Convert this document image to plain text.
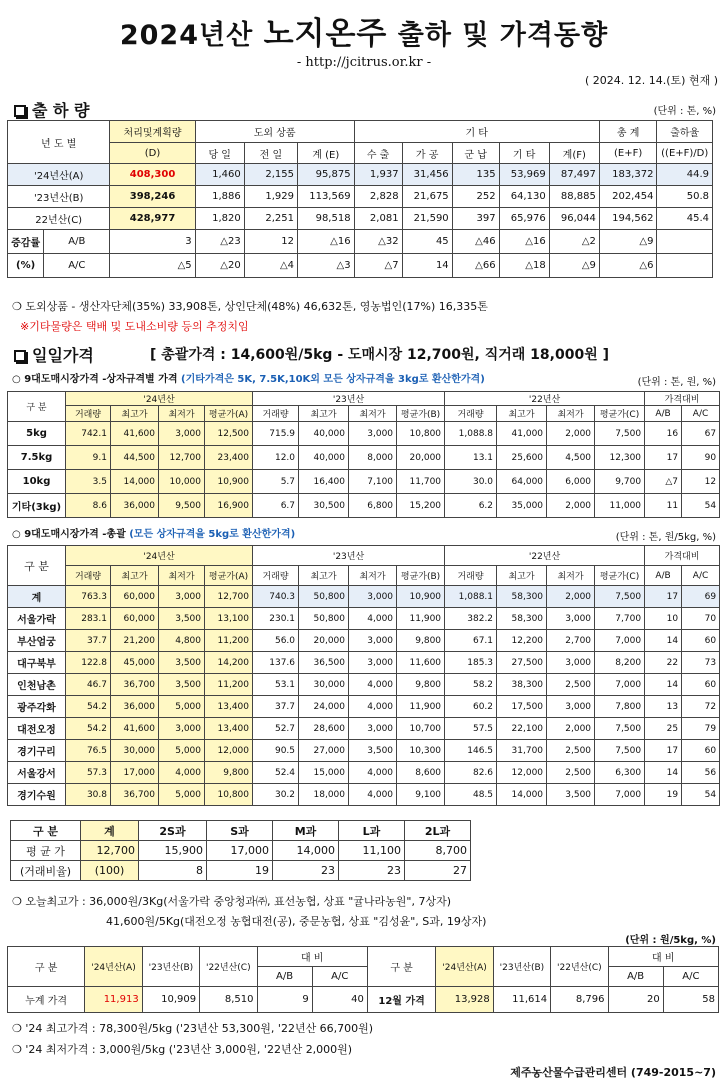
2024년산 노지온주 출하 및 가격동향
- http://jcitrus.or.kr -
( 2024. 12. 14.(토) 현재 )
출 하 량	(단위 : 톤, %)
년 도 별		처리및계획량	도외 상품			기 타					총 계	출하율
		(D)	당 일	전 일	계 (E)	수 출	가 공	군 납	기 타	계(F)	(E+F)	((E+F)/D)
'24년산(A)		408,300	1,460	2,155	95,875	1,937	31,456	135	53,969	87,497	183,372	44.9
'23년산(B)		398,246	1,886	1,929	113,569	2,828	21,675	252	64,130	88,885	202,454	50.8
22년산(C)		428,977	1,820	2,251	98,518	2,081	21,590	397	65,976	96,044	194,562	45.4
증감률	A/B	3	△23	12	△16	△32	45	△46	△16	△2	△9	
(%)	A/C	△5	△20	△4	△3	△7	14	△66	△18	△9	△6	
❍ 도외상품 - 생산자단체(35%) 33,908톤, 상인단체(48%) 46,632톤, 영농법인(17%) 16,335톤
※기타물량은 택배 및 도내소비량 등의 추정치임
일일가격	[ 총괄가격 : 14,600원/5kg - 도매시장 12,700원, 직거래 18,000원 ]
○ 9대도매시장가격 -상자규격별 가격 (기타가격은 5K, 7.5K,10K외 모든 상자규격을 3kg로 환산한가격)	(단위 : 톤, 원, %)
구 분	'24년산				'23년산				'22년산				가격대비	
	거래량	최고가	최저가	평균가(A)	거래량	최고가	최저가	평균가(B)	거래량	최고가	최저가	평균가(C)	A/B	A/C
5kg	742.1	41,600	3,000	12,500	715.9	40,000	3,000	10,800	1,088.8	41,000	2,000	7,500	16	67
7.5kg	9.1	44,500	12,700	23,400	12.0	40,000	8,000	20,000	13.1	25,600	4,500	12,300	17	90
10kg	3.5	14,000	10,000	10,900	5.7	16,400	7,100	11,700	30.0	64,000	6,000	9,700	△7	12
기타(3kg)	8.6	36,000	9,500	16,900	6.7	30,500	6,800	15,200	6.2	35,000	2,000	11,000	11	54
○ 9대도매시장가격 -총괄 (모든 상자규격을 5kg로 환산한가격)	(단위 : 톤, 원/5kg, %)
구 분	'24년산				'23년산				'22년산				가격대비	
	거래량	최고가	최저가	평균가(A)	거래량	최고가	최저가	평균가(B)	거래량	최고가	최저가	평균가(C)	A/B	A/C
계	763.3	60,000	3,000	12,700	740.3	50,800	3,000	10,900	1,088.1	58,300	2,000	7,500	17	69
서울가락	283.1	60,000	3,500	13,100	230.1	50,800	4,000	11,900	382.2	58,300	3,000	7,700	10	70
부산엄궁	37.7	21,200	4,800	11,200	56.0	20,000	3,000	9,800	67.1	12,200	2,700	7,000	14	60
대구북부	122.8	45,000	3,500	14,200	137.6	36,500	3,000	11,600	185.3	27,500	3,000	8,200	22	73
인천남촌	46.7	36,700	3,500	11,200	53.1	30,000	4,000	9,800	58.2	38,300	2,500	7,000	14	60
광주각화	54.2	36,000	5,000	13,400	37.7	24,000	4,000	11,900	60.2	17,500	3,000	7,800	13	72
대전오정	54.2	41,600	3,000	13,400	52.7	28,600	3,000	10,700	57.5	22,100	2,000	7,500	25	79
경기구리	76.5	30,000	5,000	12,000	90.5	27,000	3,500	10,300	146.5	31,700	2,500	7,500	17	60
서울강서	57.3	17,000	4,000	9,800	52.4	15,000	4,000	8,600	82.6	12,000	2,500	6,300	14	56
경기수원	30.8	36,700	5,000	10,800	30.2	18,000	4,000	9,100	48.5	14,000	3,500	7,000	19	54
구 분	계	2S과	S과	M과	L과	2L과
평 균 가	12,700	15,900	17,000	14,000	11,100	8,700
(거래비율)	(100)	8	19	23	23	27
❍ 오늘최고가 : 36,000원/3Kg(서울가락 중앙청과㈜, 표선농협, 상표 "귤나라농원", 7상자)
41,600원/5Kg(대전오정 농협대전(공), 중문농협, 상표 "김성윤", S과, 19상자)
(단위 : 원/5kg, %)
구 분	'24년산(A)	'23년산(B)	'22년산(C)	대 비		구 분	'24년산(A)	'23년산(B)	'22년산(C)	대 비	
				A/B	A/C					A/B	A/C
누계 가격	11,913	10,909	8,510	9	40	12월 가격	13,928	11,614	8,796	20	58
❍ '24 최고가격 : 78,300원/5kg ('23년산 53,300원, '22년산 66,700원)
❍ '24 최저가격 : 3,000원/5kg ('23년산 3,000원, '22년산 2,000원)
제주농산물수급관리센터 (749-2015~7)
